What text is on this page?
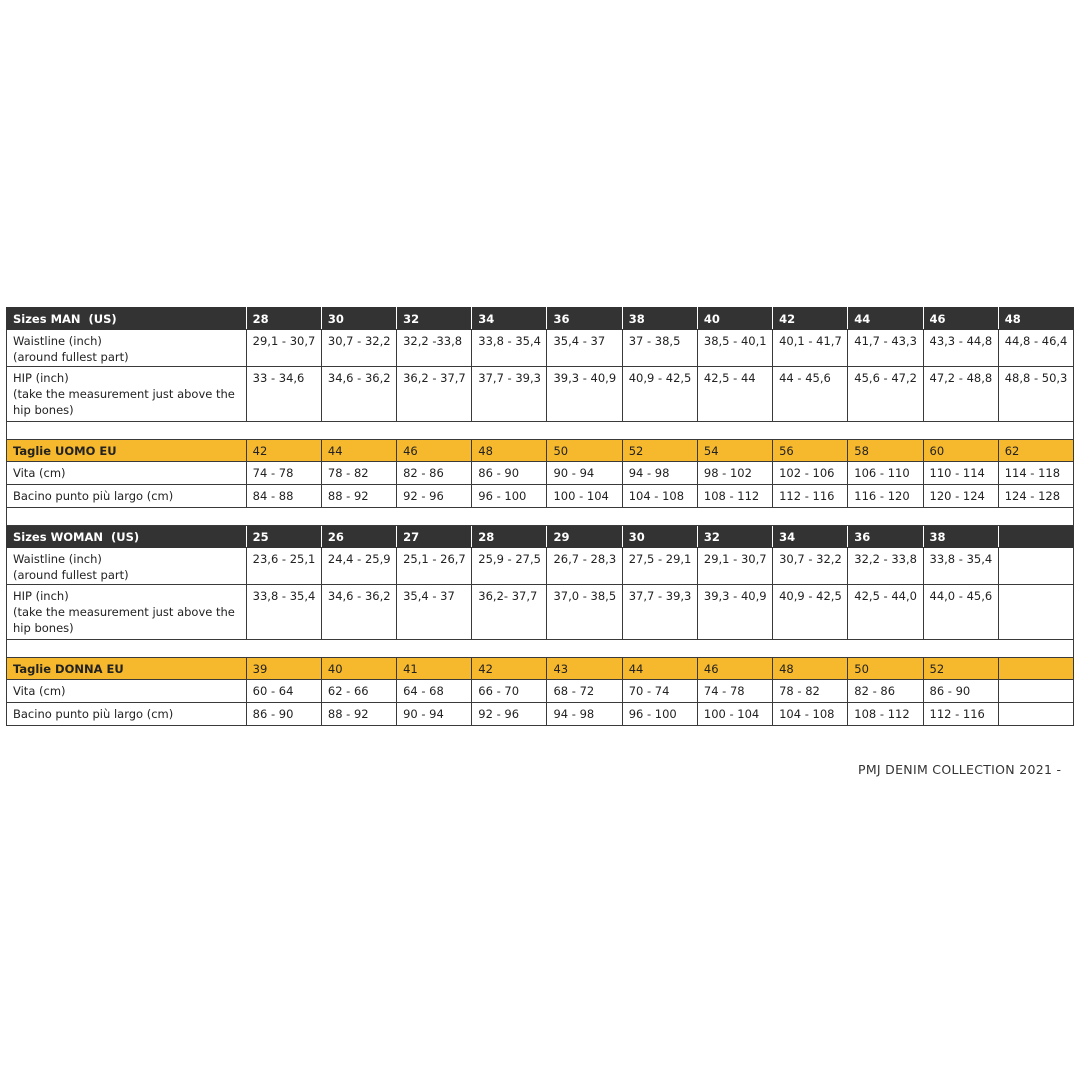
Sizes MAN  (US)	28	30	32	34	36	38	40	42	44	46	48
Waistline (inch)
(around fullest part)	29,1 - 30,7	30,7 - 32,2	32,2 -33,8	33,8 - 35,4	35,4 - 37	37 - 38,5	38,5 - 40,1	40,1 - 41,7	41,7 - 43,3	43,3 - 44,8	44,8 - 46,4
HIP (inch)
(take the measurement just above the hip bones)	33 - 34,6	34,6 - 36,2	36,2 - 37,7	37,7 - 39,3	39,3 - 40,9	40,9 - 42,5	42,5 - 44	44 - 45,6	45,6 - 47,2	47,2 - 48,8	48,8 - 50,3

Taglie UOMO EU	42	44	46	48	50	52	54	56	58	60	62
Vita (cm)	74 - 78	78 - 82	82 - 86	86 - 90	90 - 94	94 - 98	98 - 102	102 - 106	106 - 110	110 - 114	114 - 118
Bacino punto più largo (cm)	84 - 88	88 - 92	92 - 96	96 - 100	100 - 104	104 - 108	108 - 112	112 - 116	116 - 120	120 - 124	124 - 128

Sizes WOMAN  (US)	25	26	27	28	29	30	32	34	36	38	
Waistline (inch)
(around fullest part)	23,6 - 25,1	24,4 - 25,9	25,1 - 26,7	25,9 - 27,5	26,7 - 28,3	27,5 - 29,1	29,1 - 30,7	30,7 - 32,2	32,2 - 33,8	33,8 - 35,4	
HIP (inch)
(take the measurement just above the hip bones)	33,8 - 35,4	34,6 - 36,2	35,4 - 37	36,2- 37,7	37,0 - 38,5	37,7 - 39,3	39,3 - 40,9	40,9 - 42,5	42,5 - 44,0	44,0 - 45,6	

Taglie DONNA EU	39	40	41	42	43	44	46	48	50	52	
Vita (cm)	60 - 64	62 - 66	64 - 68	66 - 70	68 - 72	70 - 74	74 - 78	78 - 82	82 - 86	86 - 90	
Bacino punto più largo (cm)	86 - 90	88 - 92	90 - 94	92 - 96	94 - 98	96 - 100	100 - 104	104 - 108	108 - 112	112 - 116	
PMJ DENIM COLLECTION 2021 -
